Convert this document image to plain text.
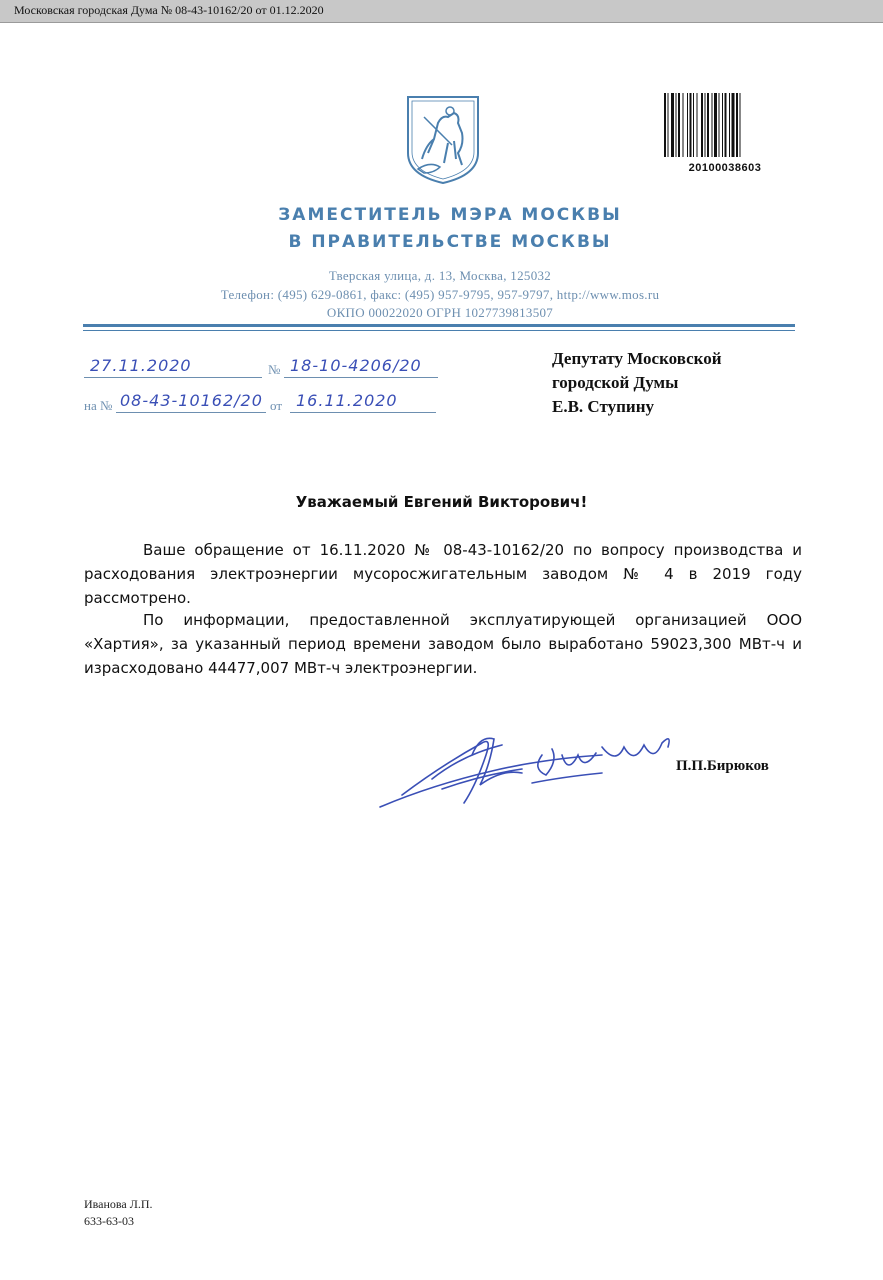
Московская городская Дума № 08-43-10162/20 от 01.12.2020
20100038603
ЗАМЕСТИТЕЛЬ МЭРА МОСКВЫ
В ПРАВИТЕЛЬСТВЕ МОСКВЫ
Тверская улица, д. 13, Москва, 125032
Телефон: (495) 629-0861, факс: (495) 957-9795, 957-9797, http://www.mos.ru
ОКПО 00022020 ОГРН 1027739813507
27.11.2020	№ 18-10-4206/20
на № 08-43-10162/20 от 16.11.2020
Депутату Московской
городской Думы
Е.В. Ступину
Уважаемый Евгений Викторович!
Ваше обращение от 16.11.2020 № 08-43-10162/20 по вопросу производства и расходования электроэнергии мусоросжигательным заводом № 4 в 2019 году рассмотрено.
По информации, предоставленной эксплуатирующей организацией ООО «Хартия», за указанный период времени заводом было выработано 59023,300 МВт-ч и израсходовано 44477,007 МВт-ч электроэнергии.
П.П.Бирюков
Иванова Л.П.
633-63-03
